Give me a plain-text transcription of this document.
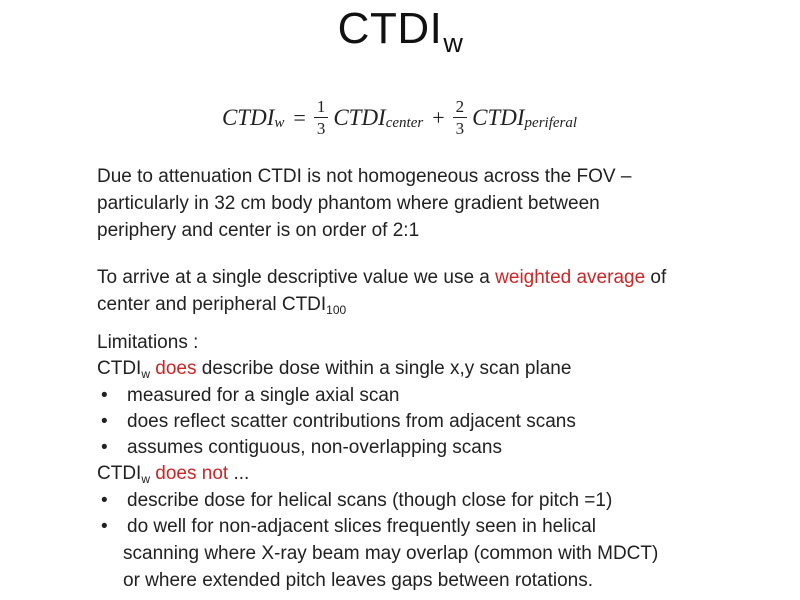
$CTDI_w$
CTDI $w = \frac{1}{3}$ CTDI center + $\frac{2}{3}$ CTDI periferal
Due to attenuation CTDI is not homogeneous across the FOV –
particularly in 32 cm body phantom where gradient between
periphery and center is on order of 2:1
To arrive at a single descriptive value we use a weighted average of
center and peripheral $CTDI_{100}$
Limitations :
$CTDI_w$ does describe dose within a single x,y scan plane
•	measured for a single axial scan
•	does reflect scatter contributions from adjacent scans
•	assumes contiguous, non-overlapping scans
$CTDI_w$ does not ...
•	describe dose for helical scans (though close for pitch =1)
•	do well for non-adjacent slices frequently seen in helical
scanning where X-ray beam may overlap (common with MDCT)
or where extended pitch leaves gaps between rotations.
